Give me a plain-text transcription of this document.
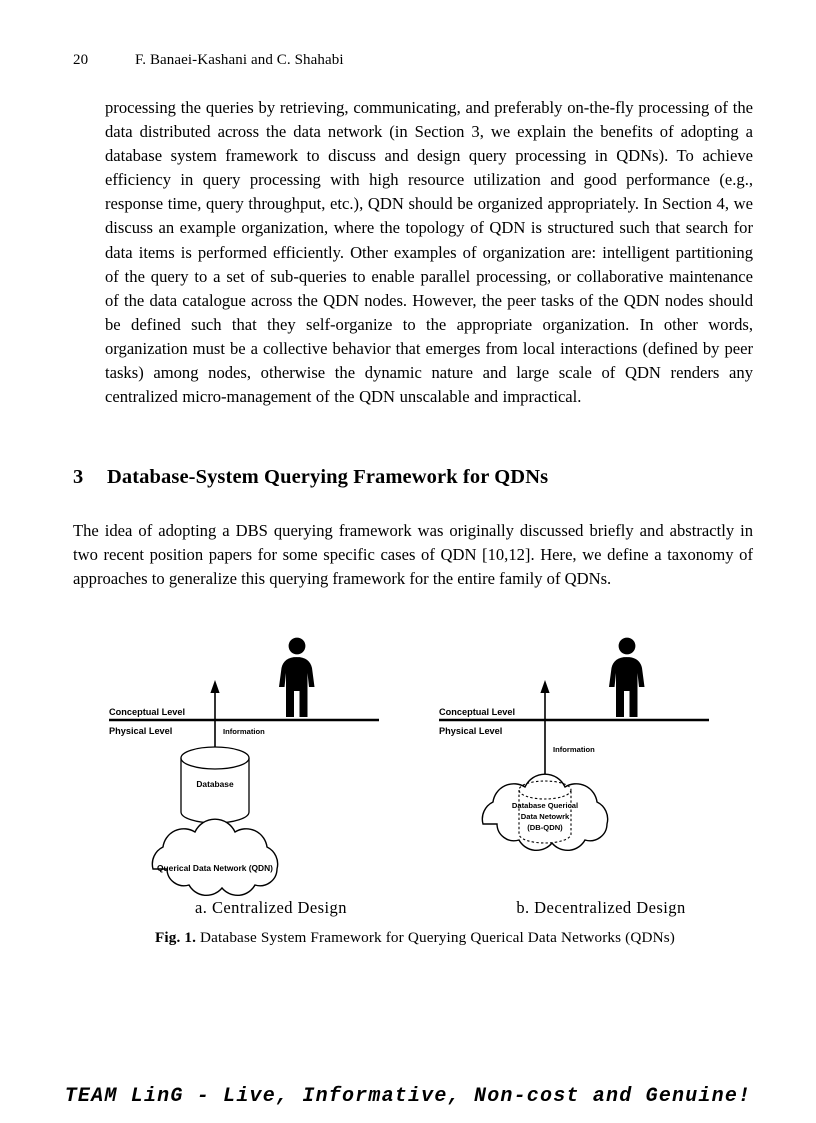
20	F. Banaei-Kashani and C. Shahabi

processing the queries by retrieving, communicating, and preferably on-the-fly processing of the data distributed across the data network (in Section 3, we explain the benefits of adopting a database system framework to discuss and design query processing in QDNs). To achieve efficiency in query processing with high resource utilization and good performance (e.g., response time, query throughput, etc.), QDN should be organized appropriately. In Section 4, we discuss an example organization, where the topology of QDN is structured such that search for data items is performed efficiently. Other examples of organization are: intelligent partitioning of the query to a set of sub-queries to enable parallel processing, or collaborative maintenance of the data catalogue across the QDN nodes. However, the peer tasks of the QDN nodes should be defined such that they self-organize to the appropriate organization. In other words, organization must be a collective behavior that emerges from local interactions (defined by peer tasks) among nodes, otherwise the dynamic nature and large scale of QDN renders any centralized micro-management of the QDN unscalable and impractical.

3 Database-System Querying Framework for QDNs

The idea of adopting a DBS querying framework was originally discussed briefly and abstractly in two recent position papers for some specific cases of QDN [10,12]. Here, we define a taxonomy of approaches to generalize this querying framework for the entire family of QDNs.

Conceptual Level
Physical Level	Information
Database
Querical Data Network (QDN)
a. Centralized Design
Conceptual Level
Physical Level
Information
Database Querical
Data Netowrk
(DB-QDN)
b. Decentralized Design
Fig. 1. Database System Framework for Querying Querical Data Networks (QDNs)
TEAM LinG - Live, Informative, Non-cost and Genuine!
